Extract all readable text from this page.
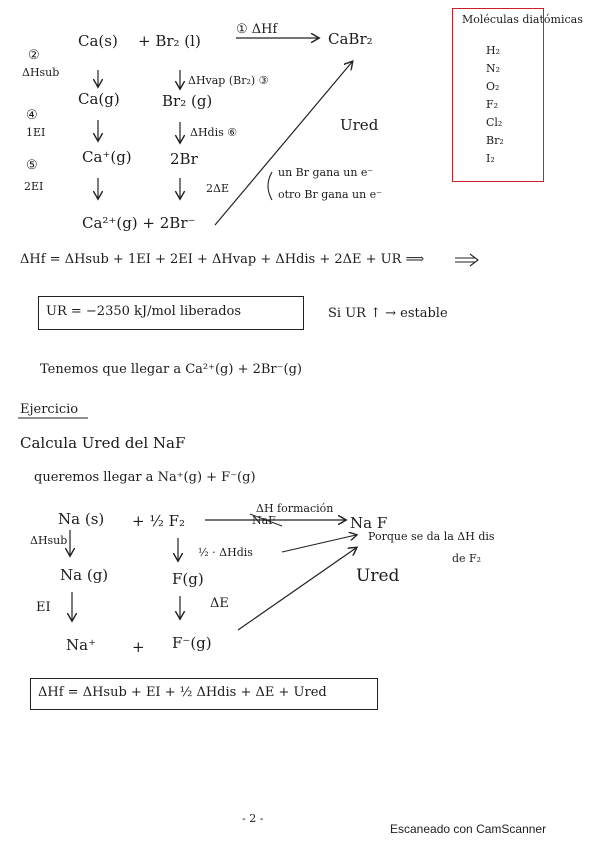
Moléculas diatómicas
H₂
N₂
O₂
F₂
Cl₂
Br₂
I₂
②
ΔHsub
④
1EI
⑤
2EI
Ca(s)
Ca(g)
Ca⁺(g)
Ca²⁺(g) + 2Br⁻
+ Br₂ (l)
Br₂ (g)
2Br
ΔHvap (Br₂) ③
ΔHdis ⑥
2ΔE
① ΔHf
CaBr₂
Ured
un Br gana un e⁻
otro Br gana un e⁻
ΔHf = ΔHsub + 1EI + 2EI + ΔHvap + ΔHdis + 2ΔE + UR ⟹
UR = −2350 kJ/mol liberados	Si UR ↑ → estable
Tenemos que llegar a Ca²⁺(g) + 2Br⁻(g)
Ejercicio
Calcula Ured del NaF
queremos llegar a Na⁺(g) + F⁻(g)
Na (s) + ½ F₂
ΔH formación
NaF	Na F
ΔHsub
½ · ΔHdis
Porque se da la ΔH dis
de F₂
Na (g)	F(g)	Ured
EI	ΔE
Na⁺ + F⁻(g)
ΔHf = ΔHsub + EI + ½ ΔHdis + ΔE + Ured
- 2 -
Escaneado con CamScanner
